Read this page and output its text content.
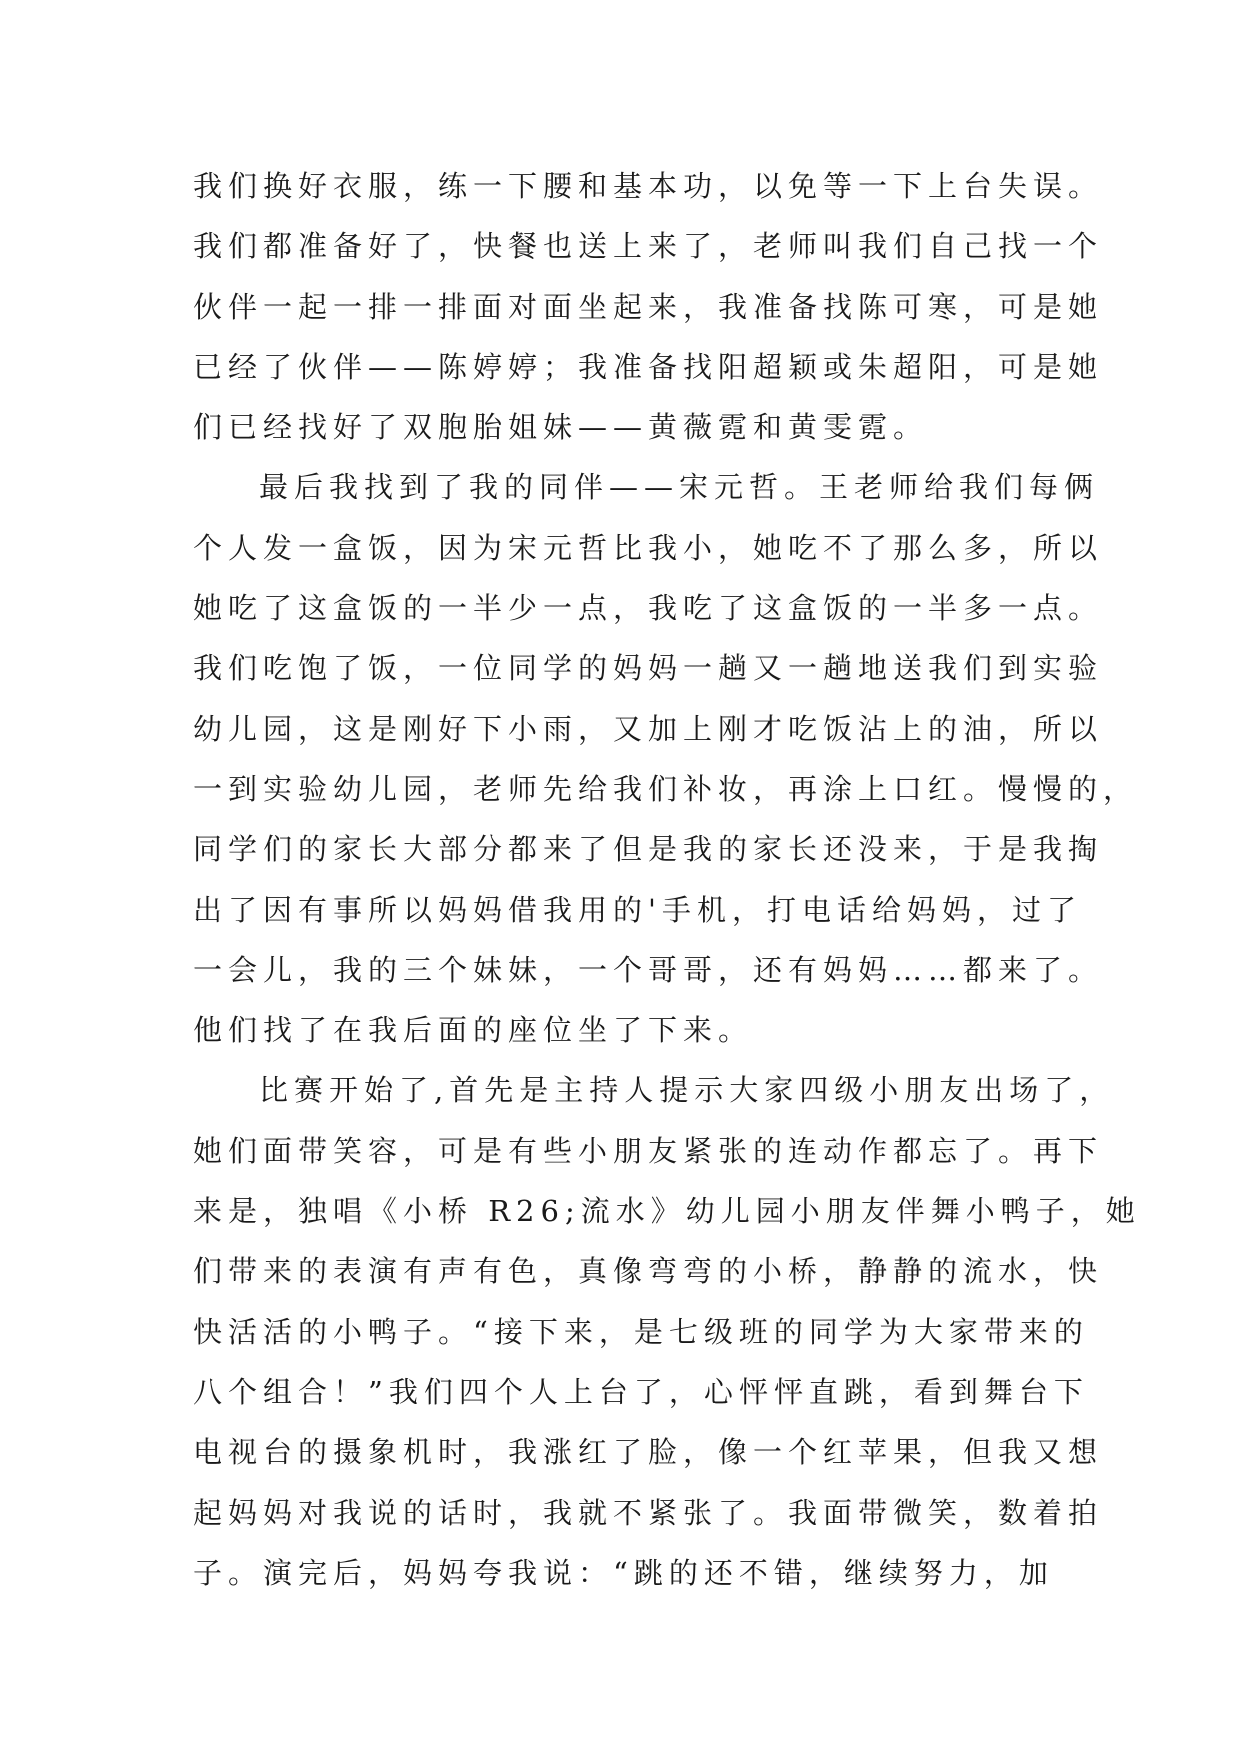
我们换好衣服，练一下腰和基本功，以免等一下上台失误。
我们都准备好了，快餐也送上来了，老师叫我们自己找一个
伙伴一起一排一排面对面坐起来，我准备找陈可寒，可是她
已经了伙伴——陈婷婷；我准备找阳超颖或朱超阳，可是她
们已经找好了双胞胎姐妹——黄薇霓和黄雯霓。
最后我找到了我的同伴——宋元哲。王老师给我们每俩
个人发一盒饭，因为宋元哲比我小，她吃不了那么多，所以
她吃了这盒饭的一半少一点，我吃了这盒饭的一半多一点。
我们吃饱了饭，一位同学的妈妈一趟又一趟地送我们到实验
幼儿园，这是刚好下小雨，又加上刚才吃饭沾上的油，所以
一到实验幼儿园，老师先给我们补妆，再涂上口红。慢慢的，
同学们的家长大部分都来了但是我的家长还没来，于是我掏
出了因有事所以妈妈借我用的'手机，打电话给妈妈，过了
一会儿，我的三个妹妹，一个哥哥，还有妈妈……都来了。
他们找了在我后面的座位坐了下来。
比赛开始了,首先是主持人提示大家四级小朋友出场了，
她们面带笑容，可是有些小朋友紧张的连动作都忘了。再下
来是，独唱《小桥 R26;流水》幼儿园小朋友伴舞小鸭子，她
们带来的表演有声有色，真像弯弯的小桥，静静的流水，快
快活活的小鸭子。“接下来，是七级班的同学为大家带来的
八个组合！”我们四个人上台了，心怦怦直跳，看到舞台下
电视台的摄象机时，我涨红了脸，像一个红苹果，但我又想
起妈妈对我说的话时，我就不紧张了。我面带微笑，数着拍
子。演完后，妈妈夸我说：“跳的还不错，继续努力，加
